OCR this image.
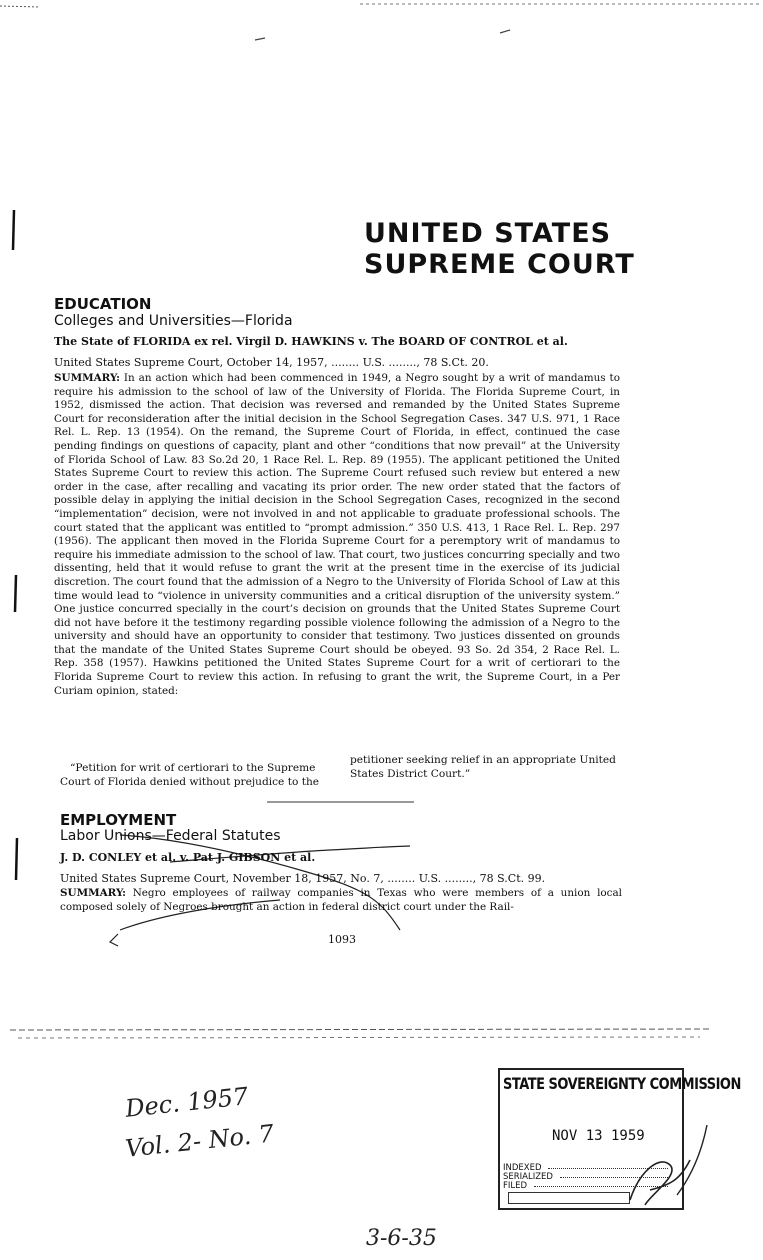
UNITED STATES
SUPREME COURT
EDUCATION
Colleges and Universities—Florida
The State of FLORIDA ex rel. Virgil D. HAWKINS v. The BOARD OF CONTROL et al.
United States Supreme Court, October 14, 1957, ........ U.S. ........, 78 S.Ct. 20.
SUMMARY: In an action which had been commenced in 1949, a Negro sought by a writ of mandamus to require his admission to the school of law of the University of Florida. The Florida Supreme Court, in 1952, dismissed the action. That decision was reversed and remanded by the United States Supreme Court for reconsideration after the initial decision in the School Segregation Cases. 347 U.S. 971, 1 Race Rel. L. Rep. 13 (1954). On the remand, the Supreme Court of Florida, in effect, continued the case pending findings on questions of capacity, plant and other “conditions that now prevail” at the University of Florida School of Law. 83 So.2d 20, 1 Race Rel. L. Rep. 89 (1955). The applicant petitioned the United States Supreme Court to review this action. The Supreme Court refused such review but entered a new order in the case, after recalling and vacating its prior order. The new order stated that the factors of possible delay in applying the initial decision in the School Segregation Cases, recognized in the second “implementation” decision, were not involved in and not applicable to graduate professional schools. The court stated that the applicant was entitled to “prompt admission.” 350 U.S. 413, 1 Race Rel. L. Rep. 297 (1956). The applicant then moved in the Florida Supreme Court for a peremptory writ of mandamus to require his immediate admission to the school of law. That court, two justices concurring specially and two dissenting, held that it would refuse to grant the writ at the present time in the exercise of its judicial discretion. The court found that the admission of a Negro to the University of Florida School of Law at this time would lead to “violence in university communities and a critical disruption of the university system.” One justice concurred specially in the court’s decision on grounds that the United States Supreme Court did not have before it the testimony regarding possible violence following the admission of a Negro to the university and should have an opportunity to consider that testimony. Two justices dissented on grounds that the mandate of the United States Supreme Court should be obeyed. 93 So. 2d 354, 2 Race Rel. L. Rep. 358 (1957). Hawkins petitioned the United States Supreme Court for a writ of certiorari to the Florida Supreme Court to review this action. In refusing to grant the writ, the Supreme Court, in a Per Curiam opinion, stated:
“Petition for writ of certiorari to the Supreme Court of Florida denied without prejudice to the
petitioner seeking relief in an appropriate United States District Court.”
EMPLOYMENT
Labor Unions—Federal Statutes
J. D. CONLEY et al. v. Pat J. GIBSON et al.
United States Supreme Court, November 18, 1957, No. 7, ........ U.S. ........, 78 S.Ct. 99.
SUMMARY: Negro employees of railway companies in Texas who were members of a union local composed solely of Negroes brought an action in federal district court under the Rail-
1093
Dec. 1957
Vol. 2- No. 7
3-6-35
STATE SOVEREIGNTY COMMISSION
NOV 13 1959
INDEXED
SERIALIZED
FILED
